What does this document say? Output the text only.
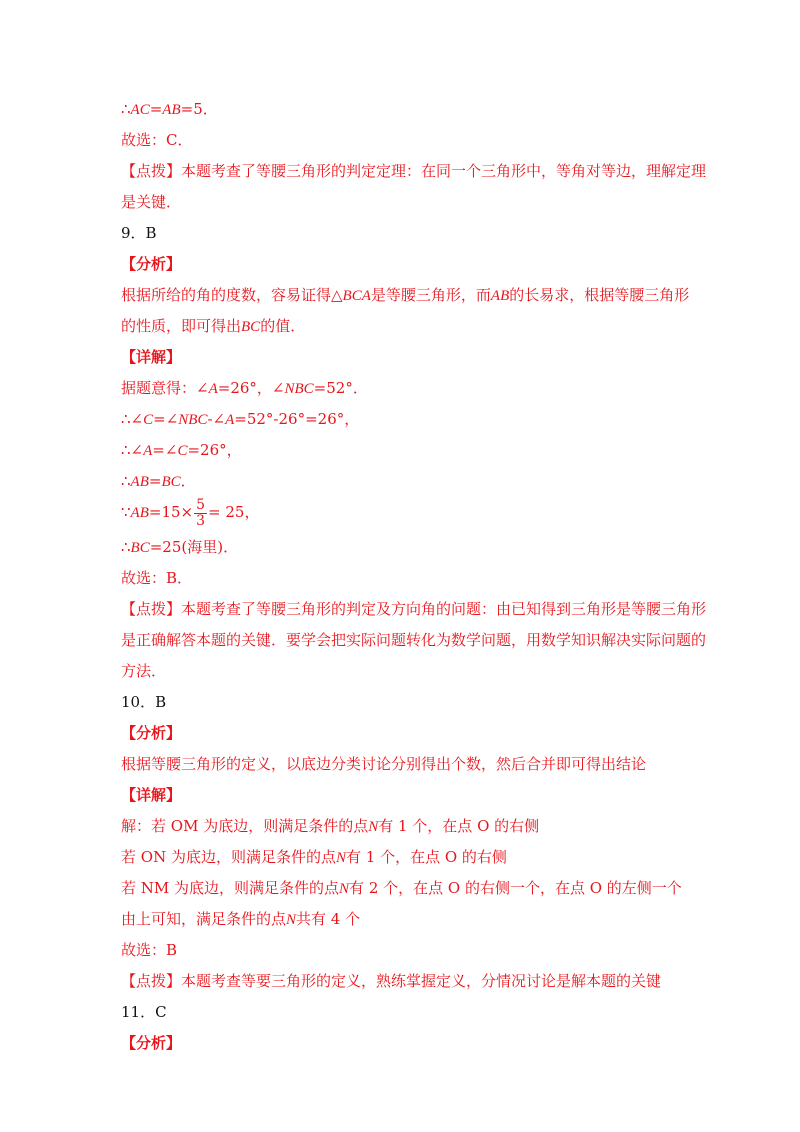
∴AC=AB=5．
故选：C．
【点拨】本题考查了等腰三角形的判定定理：在同一个三角形中，等角对等边，理解定理
是关键．
9．B
【分析】
根据所给的角的度数，容易证得△BCA是等腰三角形，而AB的长易求，根据等腰三角形
的性质，即可得出BC的值．
【详解】
据题意得：∠A=26°，∠NBC=52°．
∴∠C=∠NBC-∠A=52°-26°=26°，
∴∠A=∠C=26°，
∴AB=BC．
∵AB=15× $\frac{5}{3} = 25$，
∴BC=25(海里)．
故选：B．
【点拨】本题考查了等腰三角形的判定及方向角的问题：由已知得到三角形是等腰三角形
是正确解答本题的关键．要学会把实际问题转化为数学问题，用数学知识解决实际问题的
方法．
10．B
【分析】
根据等腰三角形的定义，以底边分类讨论分别得出个数，然后合并即可得出结论
【详解】
解：若 OM 为底边，则满足条件的点N有 1 个，在点 O 的右侧
若 ON 为底边，则满足条件的点N有 1 个，在点 O 的右侧
若 NM 为底边，则满足条件的点N有 2 个，在点 O 的右侧一个，在点 O 的左侧一个
由上可知，满足条件的点N共有 4 个
故选：B
【点拨】本题考查等要三角形的定义，熟练掌握定义，分情况讨论是解本题的关键
11．C
【分析】
